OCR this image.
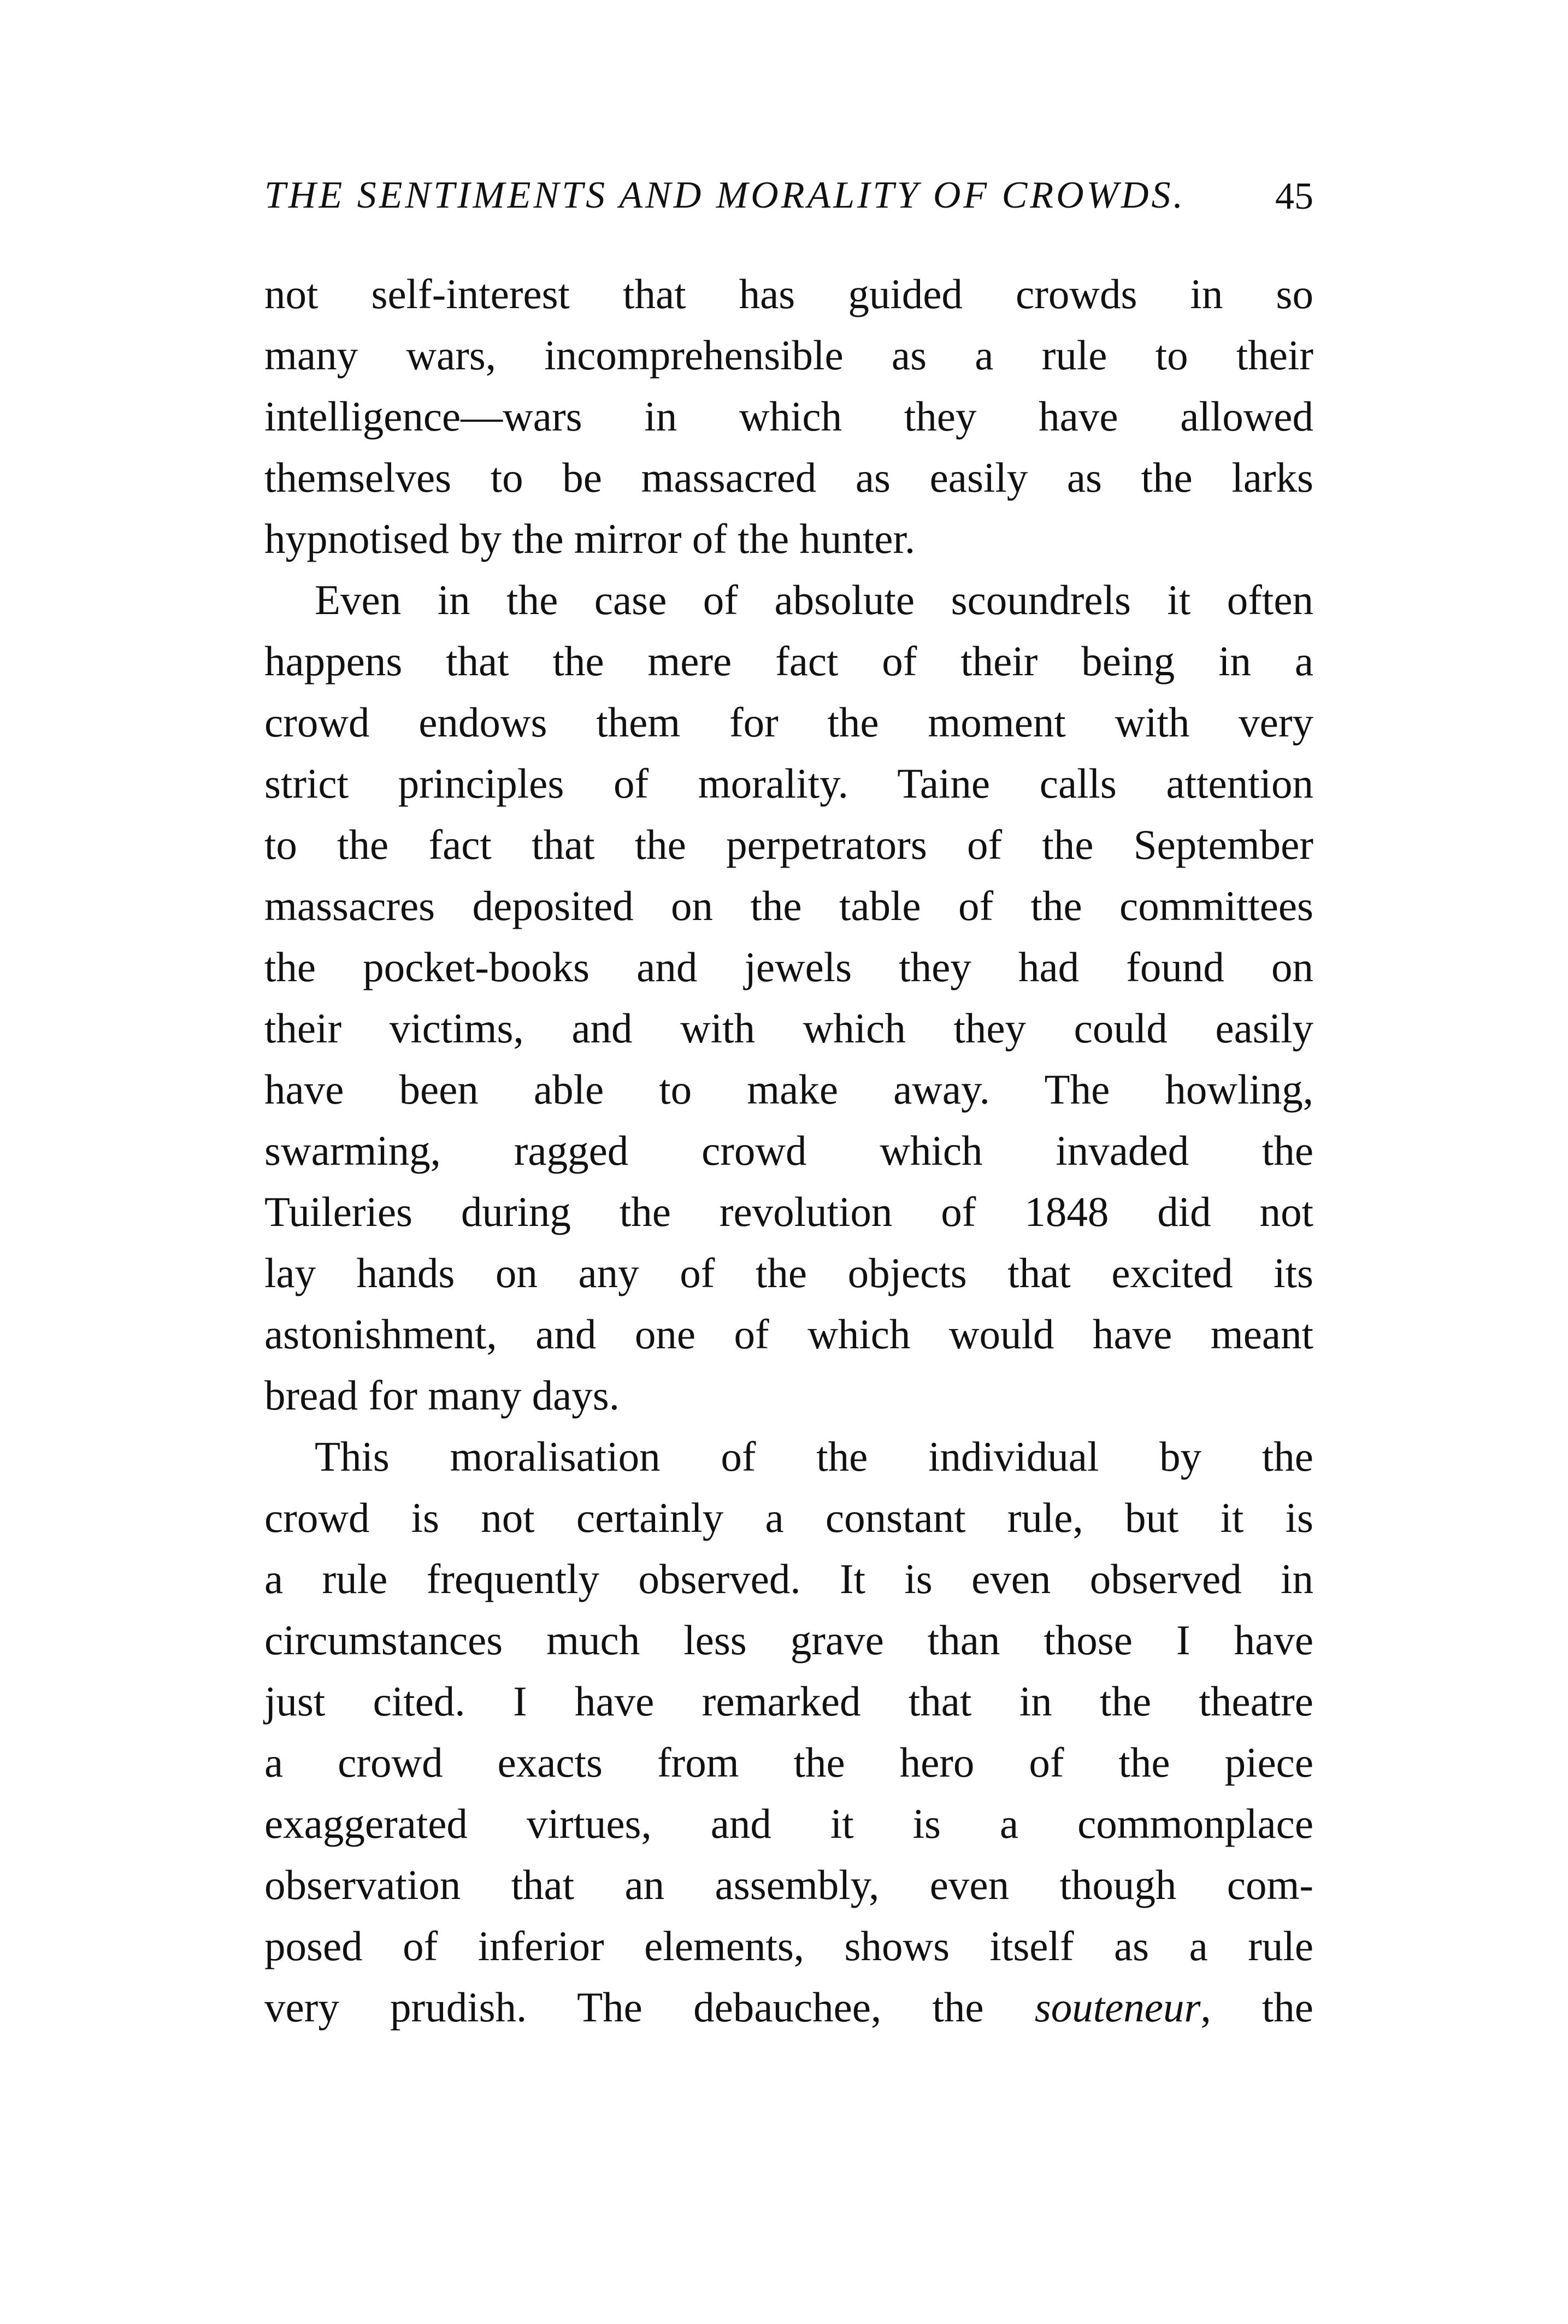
THE SENTIMENTS AND MORALITY OF CROWDS. 45
not self-interest that has guided crowds in so
many wars, incomprehensible as a rule to their
intelligence—wars in which they have allowed
themselves to be massacred as easily as the larks
hypnotised by the mirror of the hunter.
Even in the case of absolute scoundrels it often
happens that the mere fact of their being in a
crowd endows them for the moment with very
strict principles of morality. Taine calls attention
to the fact that the perpetrators of the September
massacres deposited on the table of the committees
the pocket-books and jewels they had found on
their victims, and with which they could easily
have been able to make away. The howling,
swarming, ragged crowd which invaded the
Tuileries during the revolution of 1848 did not
lay hands on any of the objects that excited its
astonishment, and one of which would have meant
bread for many days.
This moralisation of the individual by the
crowd is not certainly a constant rule, but it is
a rule frequently observed. It is even observed in
circumstances much less grave than those I have
just cited. I have remarked that in the theatre
a crowd exacts from the hero of the piece
exaggerated virtues, and it is a commonplace
observation that an assembly, even though com-
posed of inferior elements, shows itself as a rule
very prudish. The debauchee, the souteneur, the
